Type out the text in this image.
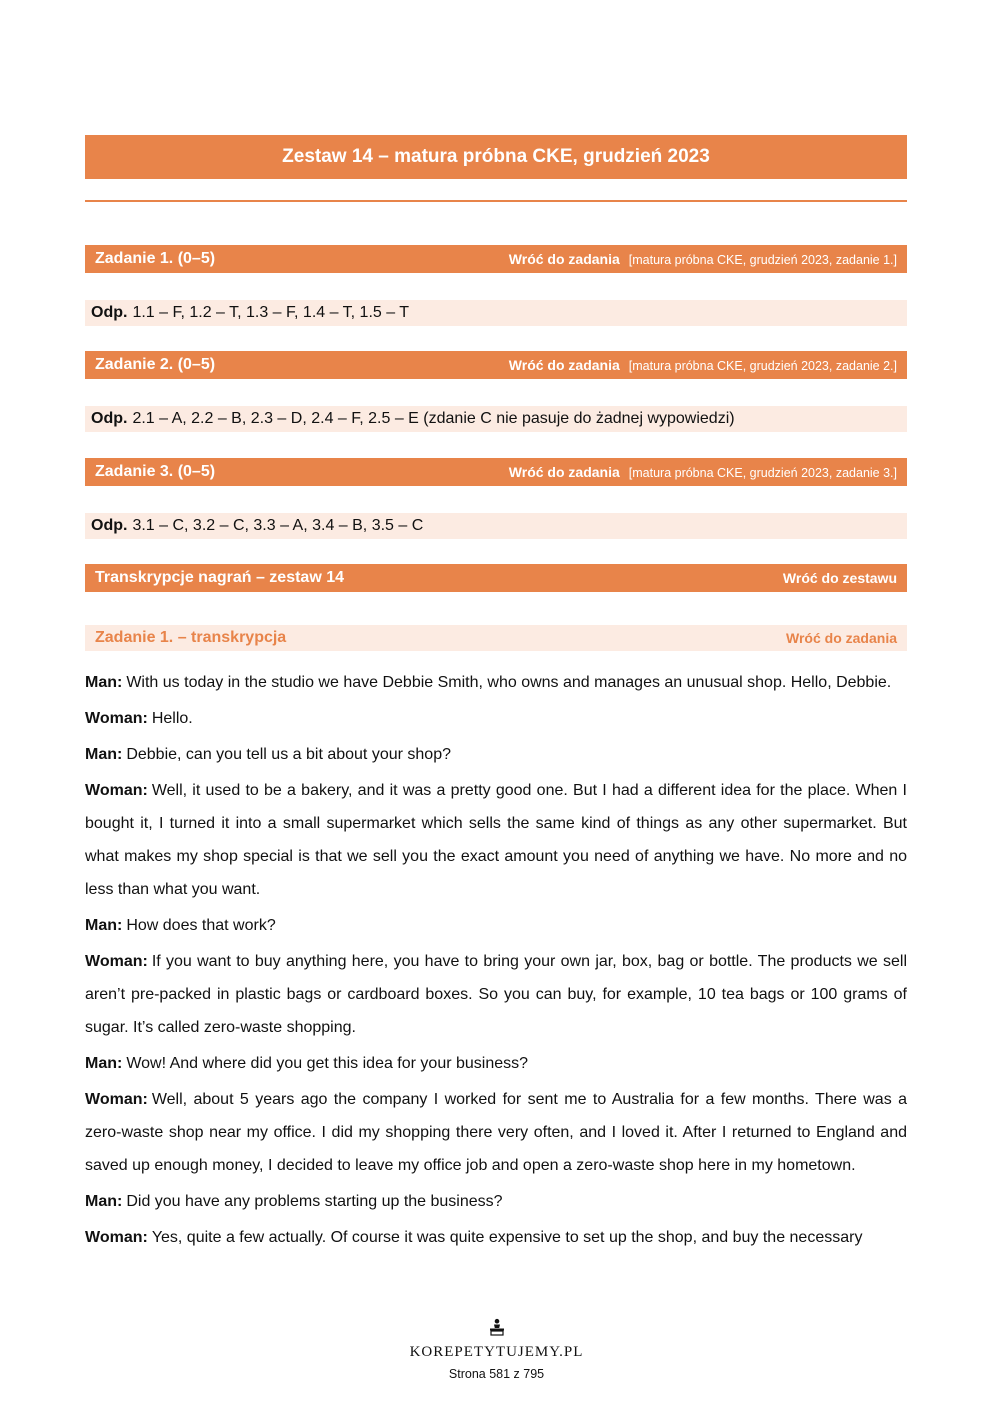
Zestaw 14 – matura próbna CKE, grudzień 2023
Zadanie 1. (0–5)	Wróć do zadania [matura próbna CKE, grudzień 2023, zadanie 1.]
Odp. 1.1 – F, 1.2 – T, 1.3 – F, 1.4 – T, 1.5 – T
Zadanie 2. (0–5)	Wróć do zadania [matura próbna CKE, grudzień 2023, zadanie 2.]
Odp. 2.1 – A, 2.2 – B, 2.3 – D, 2.4 – F, 2.5 – E (zdanie C nie pasuje do żadnej wypowiedzi)
Zadanie 3. (0–5)	Wróć do zadania [matura próbna CKE, grudzień 2023, zadanie 3.]
Odp. 3.1 – C, 3.2 – C, 3.3 – A, 3.4 – B, 3.5 – C
Transkrypcje nagrań – zestaw 14	Wróć do zestawu
Zadanie 1. – transkrypcja	Wróć do zadania

Man: With us today in the studio we have Debbie Smith, who owns and manages an unusual shop. Hello, Debbie.

Woman: Hello.

Man: Debbie, can you tell us a bit about your shop?

Woman: Well, it used to be a bakery, and it was a pretty good one. But I had a different idea for the place. When I bought it, I turned it into a small supermarket which sells the same kind of things as any other supermarket. But what makes my shop special is that we sell you the exact amount you need of anything we have. No more and no less than what you want.

Man: How does that work?

Woman: If you want to buy anything here, you have to bring your own jar, box, bag or bottle. The products we sell aren’t pre-packed in plastic bags or cardboard boxes. So you can buy, for example, 10 tea bags or 100 grams of sugar. It’s called zero-waste shopping.

Man: Wow! And where did you get this idea for your business?

Woman: Well, about 5 years ago the company I worked for sent me to Australia for a few months. There was a zero-waste shop near my office. I did my shopping there very often, and I loved it. After I returned to England and saved up enough money, I decided to leave my office job and open a zero-waste shop here in my hometown.

Man: Did you have any problems starting up the business?

Woman: Yes, quite a few actually. Of course it was quite expensive to set up the shop, and buy the necessary

KOREPETYTUJEMY.PL
Strona 581 z 795
